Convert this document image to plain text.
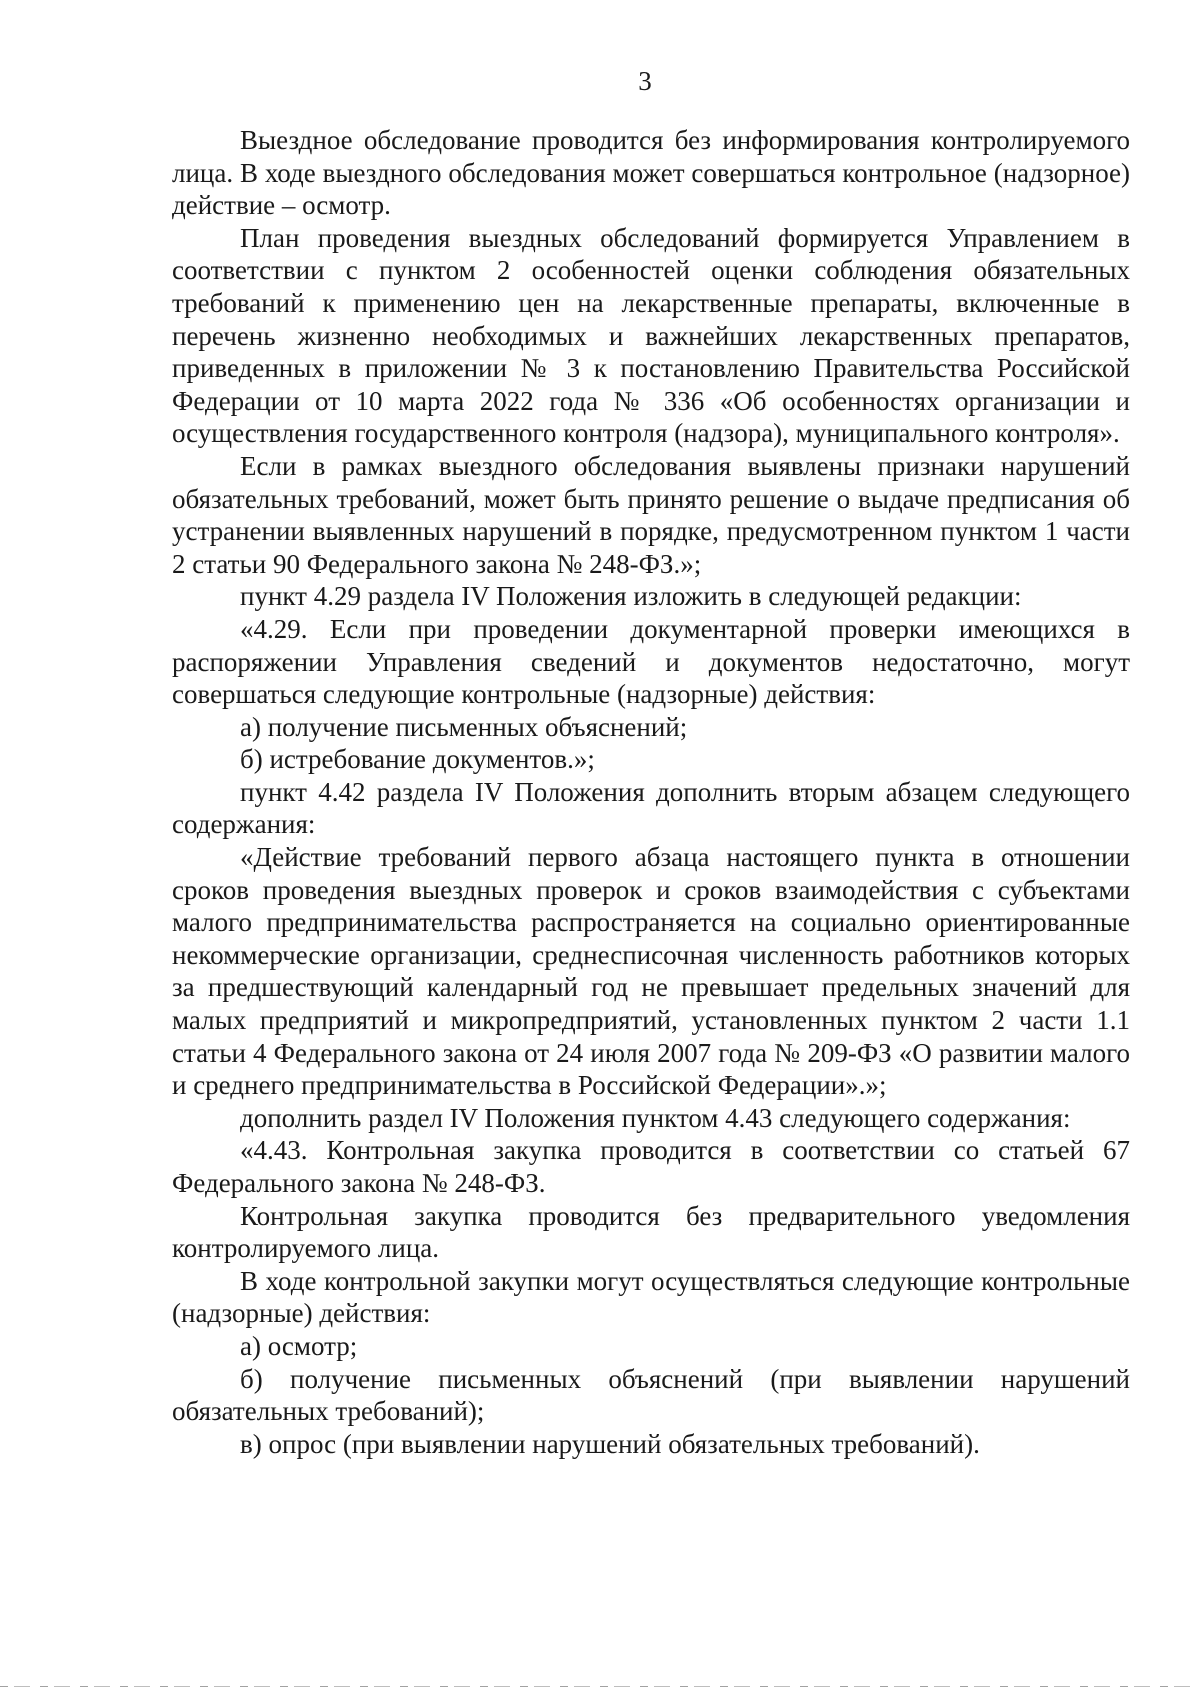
3

Выездное обследование проводится без информирования контролируемого лица. В ходе выездного обследования может совершаться контрольное (надзорное) действие – осмотр.

План проведения выездных обследований формируется Управлением в соответствии с пунктом 2 особенностей оценки соблюдения обязательных требований к применению цен на лекарственные препараты, включенные в перечень жизненно необходимых и важнейших лекарственных препаратов, приведенных в приложении № 3 к постановлению Правительства Российской Федерации от 10 марта 2022 года № 336 «Об особенностях организации и осуществления государственного контроля (надзора), муниципального контроля».

Если в рамках выездного обследования выявлены признаки нарушений обязательных требований, может быть принято решение о выдаче предписания об устранении выявленных нарушений в порядке, предусмотренном пунктом 1 части 2 статьи 90 Федерального закона № 248-ФЗ.»;

пункт 4.29 раздела IV Положения изложить в следующей редакции:

«4.29. Если при проведении документарной проверки имеющихся в распоряжении Управления сведений и документов недостаточно, могут совершаться следующие контрольные (надзорные) действия:

а) получение письменных объяснений;

б) истребование документов.»;

пункт 4.42 раздела IV Положения дополнить вторым абзацем следующего содержания:

«Действие требований первого абзаца настоящего пункта в отношении сроков проведения выездных проверок и сроков взаимодействия с субъектами малого предпринимательства распространяется на социально ориентированные некоммерческие организации, среднесписочная численность работников которых за предшествующий календарный год не превышает предельных значений для малых предприятий и микропредприятий, установленных пунктом 2 части 1.1 статьи 4 Федерального закона от 24 июля 2007 года № 209-ФЗ «О развитии малого и среднего предпринимательства в Российской Федерации».»;

дополнить раздел IV Положения пунктом 4.43 следующего содержания:

«4.43. Контрольная закупка проводится в соответствии со статьей 67 Федерального закона № 248-ФЗ.

Контрольная закупка проводится без предварительного уведомления контролируемого лица.

В ходе контрольной закупки могут осуществляться следующие контрольные (надзорные) действия:

а) осмотр;

б) получение письменных объяснений (при выявлении нарушений обязательных требований);

в) опрос (при выявлении нарушений обязательных требований).
